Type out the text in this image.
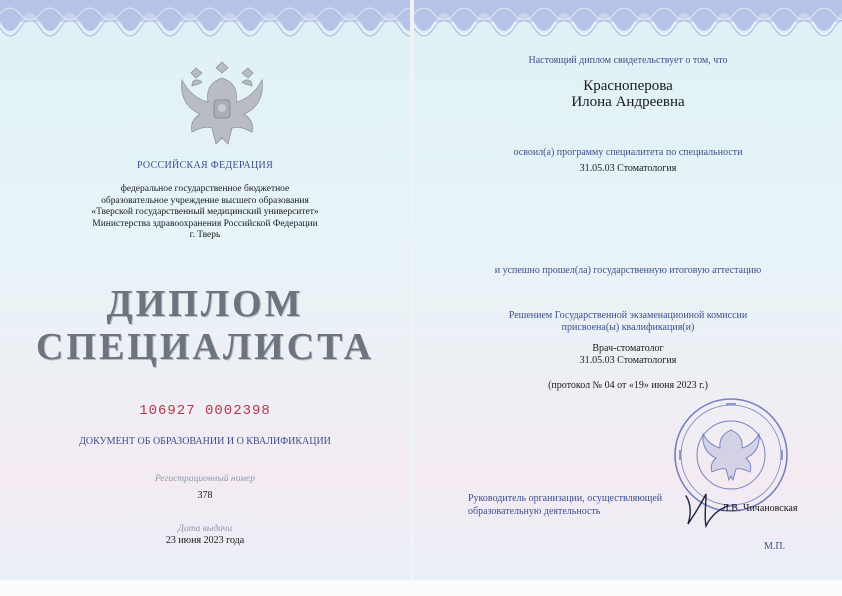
РОССИЙСКАЯ ФЕДЕРАЦИЯ

федеральное государственное бюджетное
образовательное учреждение высшего образования
«Тверской государственный медицинский университет»
Министерства здравоохранения Российской Федерации
г. Тверь

ДИПЛОМ

СПЕЦИАЛИСТА

106927 0002398

ДОКУМЕНТ ОБ ОБРАЗОВАНИИ И О КВАЛИФИКАЦИИ

Регистрационный номер

378

Дата выдачи

23 июня 2023 года

Настоящий диплом свидетельствует о том, что

Красноперова

Илона Андреевна

освоил(а) программу специалитета по специальности

31.05.03 Стоматология

и успешно прошел(ла) государственную итоговую аттестацию

Решением Государственной экзаменационной комиссии

присвоена(ы) квалификация(и)

Врач-стоматолог

31.05.03 Стоматология

(протокол № 04 от «19» июня 2023 г.)

Руководитель организации, осуществляющей
образовательную деятельность	Л.В. Чичановская
М.П.
